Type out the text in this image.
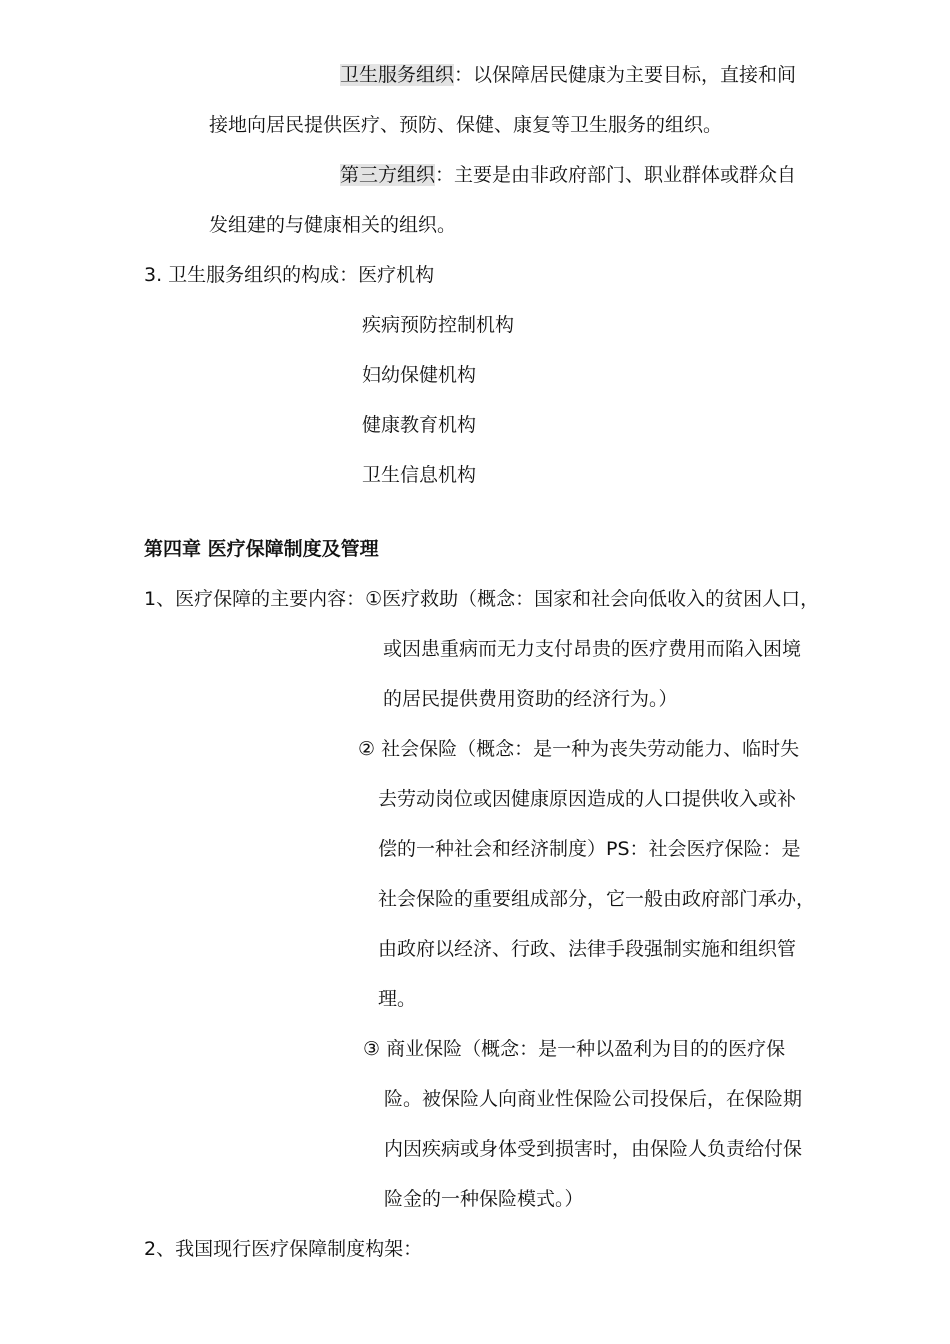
卫生服务组织：以保障居民健康为主要目标，直接和间
接地向居民提供医疗、预防、保健、康复等卫生服务的组织。
第三方组织：主要是由非政府部门、职业群体或群众自
发组建的与健康相关的组织。
3. 卫生服务组织的构成：医疗机构
疾病预防控制机构
妇幼保健机构
健康教育机构
卫生信息机构
第四章 医疗保障制度及管理
1、医疗保障的主要内容：①医疗救助（概念：国家和社会向低收入的贫困人口，
或因患重病而无力支付昂贵的医疗费用而陷入困境
的居民提供费用资助的经济行为。）
② 社会保险（概念：是一种为丧失劳动能力、临时失
去劳动岗位或因健康原因造成的人口提供收入或补
偿的一种社会和经济制度）PS：社会医疗保险：是
社会保险的重要组成部分，它一般由政府部门承办，
由政府以经济、行政、法律手段强制实施和组织管
理。
③ 商业保险（概念：是一种以盈利为目的的医疗保
险。被保险人向商业性保险公司投保后，在保险期
内因疾病或身体受到损害时，由保险人负责给付保
险金的一种保险模式。）
2、我国现行医疗保障制度构架：
